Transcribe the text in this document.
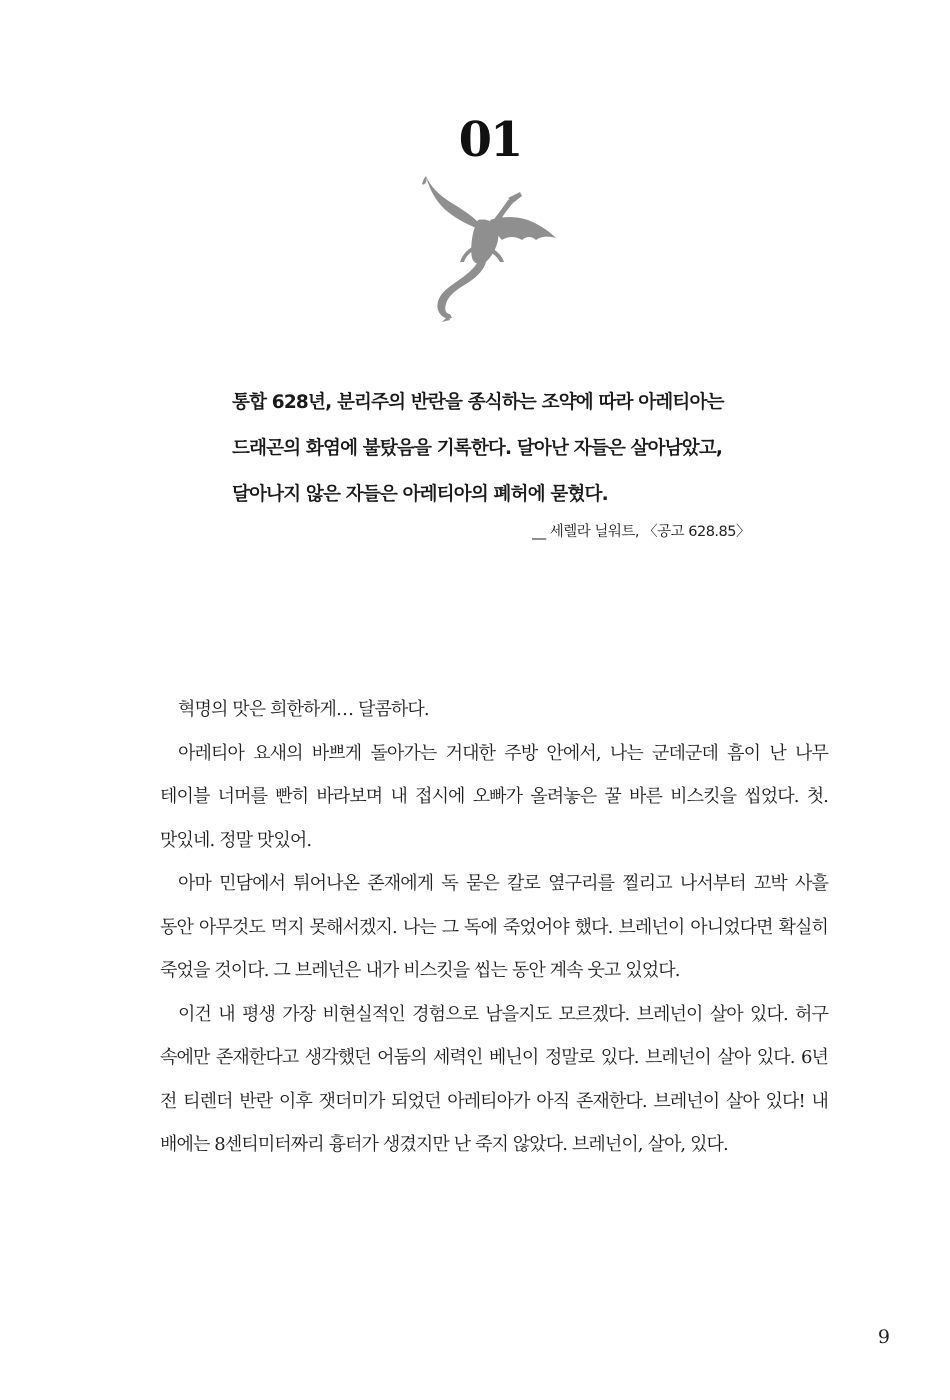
01

통합 628년, 분리주의 반란을 종식하는 조약에 따라 아레티아는

드래곤의 화염에 불탔음을 기록한다. 달아난 자들은 살아남았고,

달아나지 않은 자들은 아레티아의 폐허에 묻혔다.

__ 세렐라 닐워트, 〈공고 628.85〉

혁명의 맛은 희한하게… 달콤하다.

아레티아 요새의 바쁘게 돌아가는 거대한 주방 안에서, 나는 군데군데 흠이 난 나무 테이블 너머를 빤히 바라보며 내 접시에 오빠가 올려놓은 꿀 바른 비스킷을 씹었다. 첫. 맛있네. 정말 맛있어.

아마 민담에서 튀어나온 존재에게 독 묻은 칼로 옆구리를 찔리고 나서부터 꼬박 사흘 동안 아무것도 먹지 못해서겠지. 나는 그 독에 죽었어야 했다. 브레넌이 아니었다면 확실히 죽었을 것이다. 그 브레넌은 내가 비스킷을 씹는 동안 계속 웃고 있었다.

이건 내 평생 가장 비현실적인 경험으로 남을지도 모르겠다. 브레넌이 살아 있다. 허구 속에만 존재한다고 생각했던 어둠의 세력인 베닌이 정말로 있다. 브레넌이 살아 있다. 6년 전 티렌더 반란 이후 잿더미가 되었던 아레티아가 아직 존재한다. 브레넌이 살아 있다! 내 배에는 8센티미터짜리 흉터가 생겼지만 난 죽지 않았다. 브레넌이, 살아, 있다.

9
